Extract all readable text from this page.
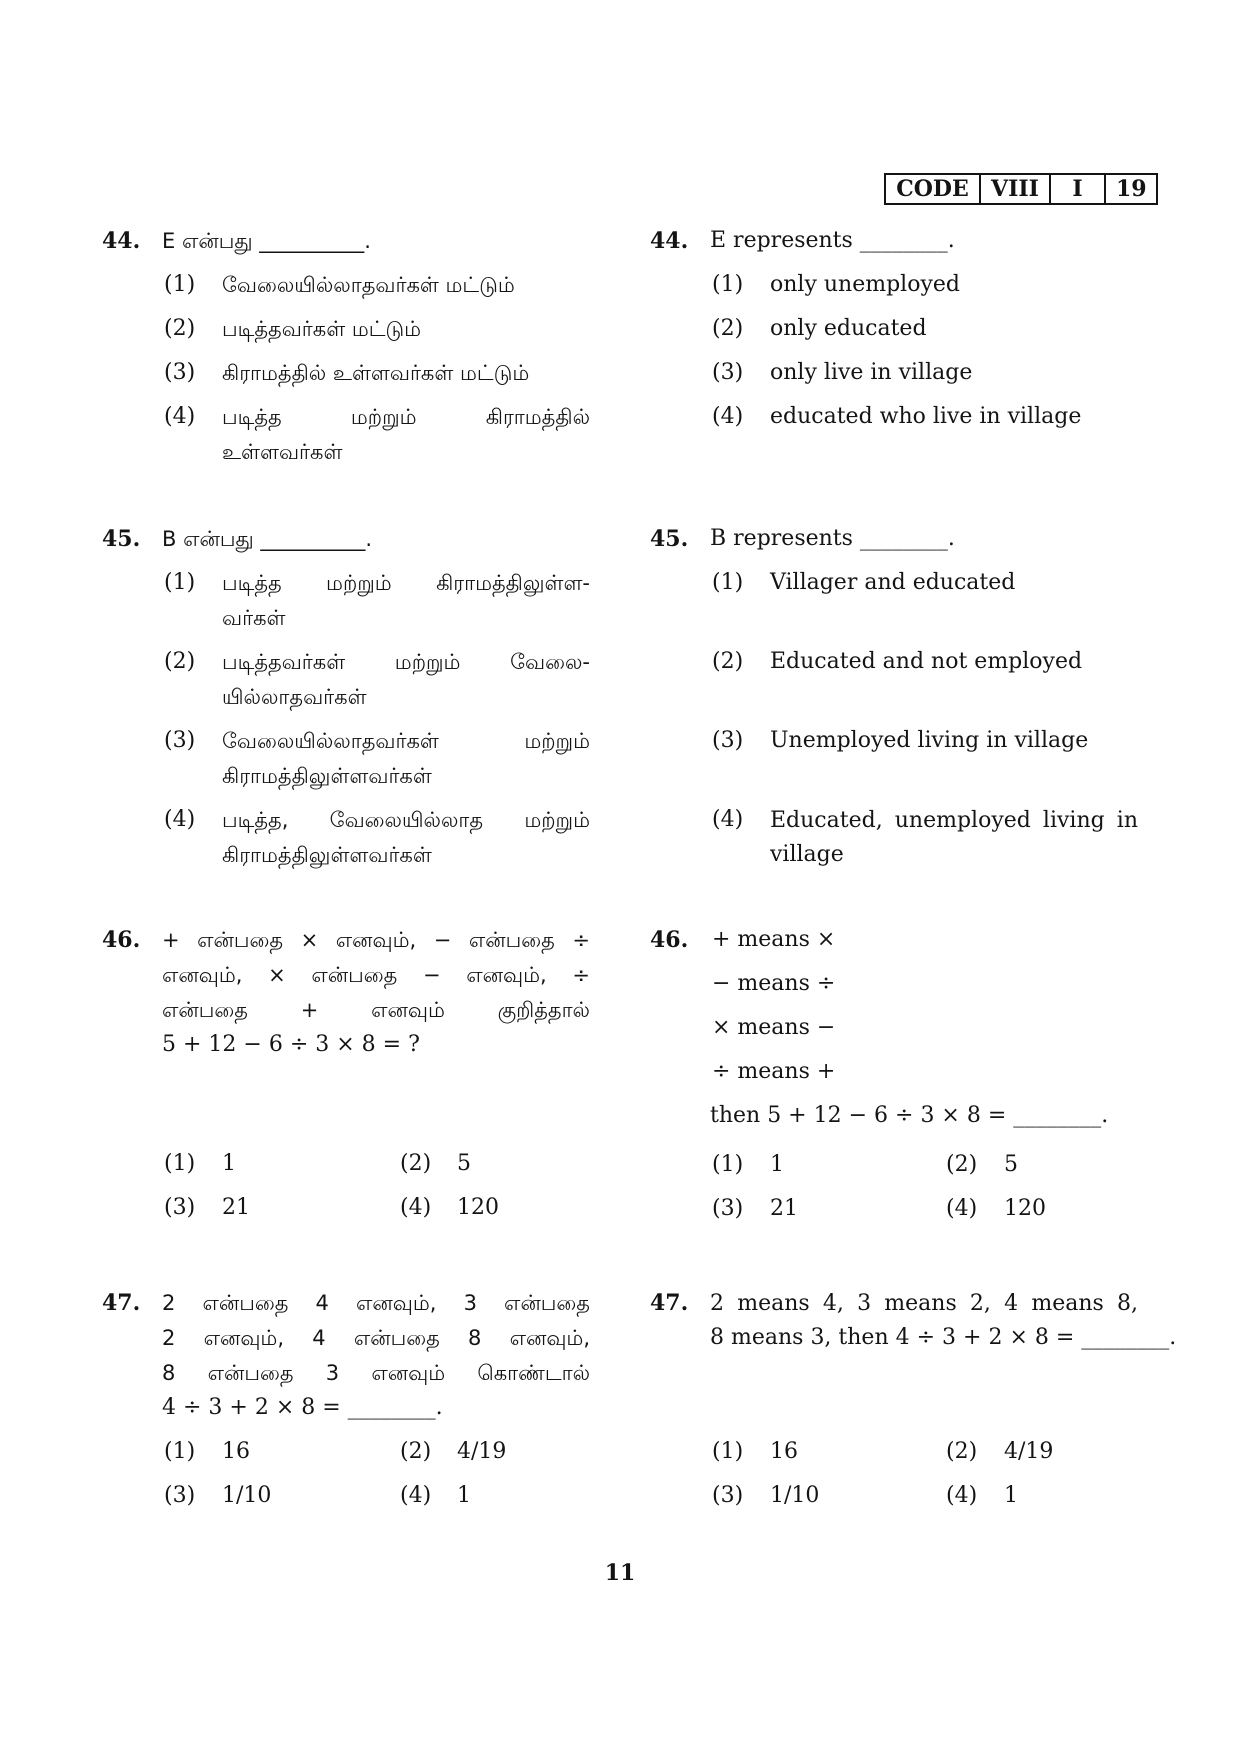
CODE	VIII	I	19
44. E என்பது __________.
(1) வேலையில்லாதவர்கள் மட்டும்
(2) படித்தவர்கள் மட்டும்
(3) கிராமத்தில் உள்ளவர்கள் மட்டும்
(4) படித்த மற்றும் கிராமத்தில்
உள்ளவர்கள்
45. B என்பது __________.
(1) படித்த மற்றும் கிராமத்திலுள்ள-
வர்கள்
(2) படித்தவர்கள் மற்றும் வேலை-
யில்லாதவர்கள்
(3) வேலையில்லாதவர்கள் மற்றும்
கிராமத்திலுள்ளவர்கள்
(4) படித்த, வேலையில்லாத மற்றும்
கிராமத்திலுள்ளவர்கள்
46. + என்பதை × எனவும், − என்பதை ÷
எனவும், × என்பதை − எனவும், ÷
என்பதை + எனவும் குறித்தால்
5 + 12 − 6 ÷ 3 × 8 = ?
(1) 1	(2) 5
(3) 21	(4) 120
47. 2 என்பதை 4 எனவும், 3 என்பதை
2 எனவும், 4 என்பதை 8 எனவும்,
8 என்பதை 3 எனவும் கொண்டால்
4 ÷ 3 + 2 × 8 = ________.
(1) 16	(2) 4/19
(3) 1/10	(4) 1
44. E represents ________.
(1) only unemployed
(2) only educated
(3) only live in village
(4) educated who live in village
45. B represents ________.
(1) Villager and educated
(2) Educated and not employed
(3) Unemployed living in village
(4) Educated, unemployed living in
village
46. + means ×
− means ÷
× means −
÷ means +
then 5 + 12 − 6 ÷ 3 × 8 = ________.
(1) 1	(2) 5
(3) 21	(4) 120
47. 2 means 4, 3 means 2, 4 means 8,
8 means 3, then 4 ÷ 3 + 2 × 8 = ________.
(1) 16	(2) 4/19
(3) 1/10	(4) 1
11
